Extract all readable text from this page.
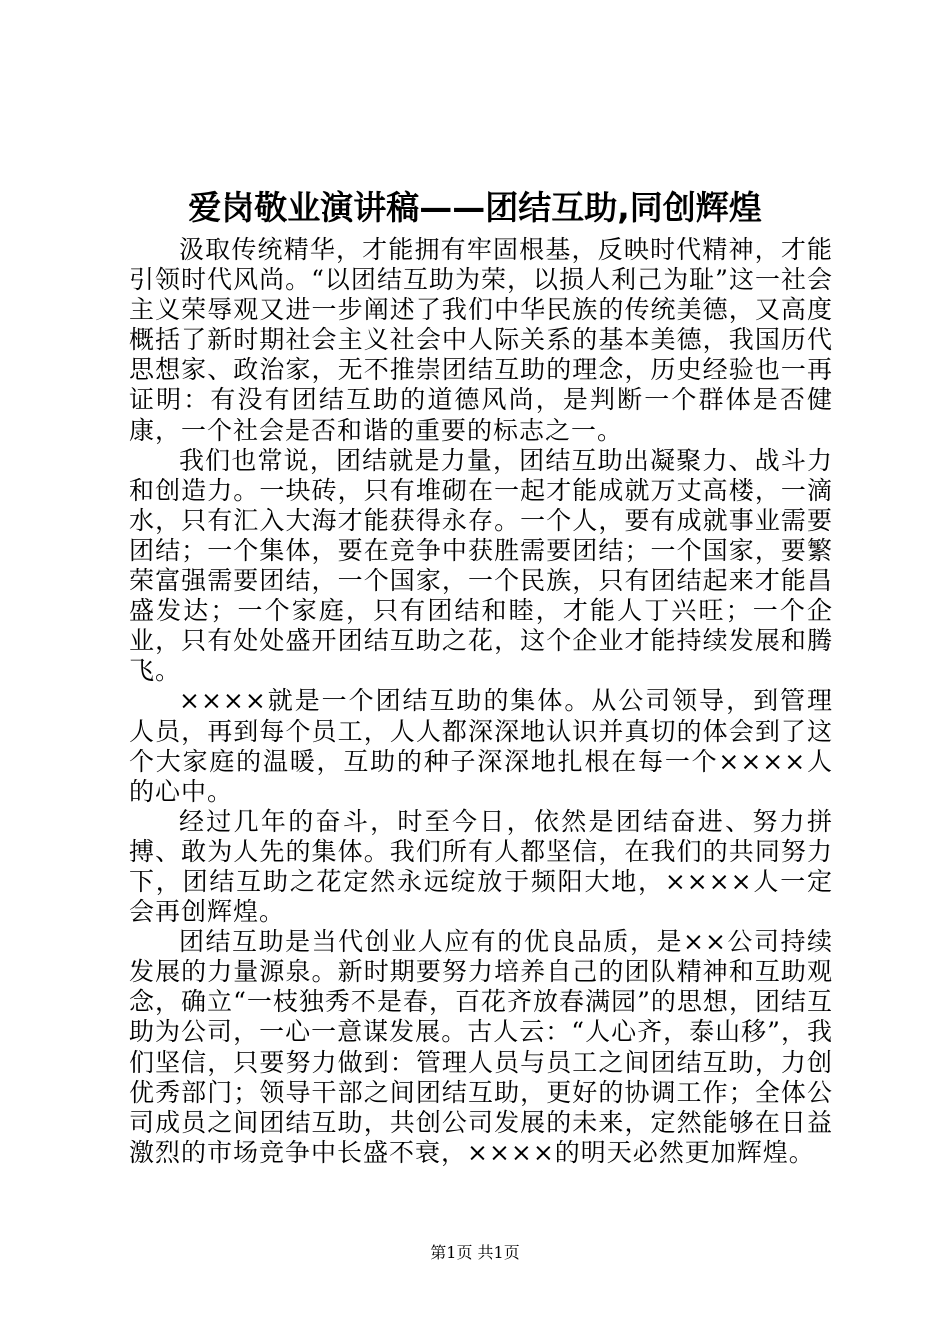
爱岗敬业演讲稿——团结互助,同创辉煌

汲取传统精华，才能拥有牢固根基，反映时代精神，才能引领时代风尚。“以团结互助为荣，以损人利己为耻”这一社会主义荣辱观又进一步阐述了我们中华民族的传统美德，又高度概括了新时期社会主义社会中人际关系的基本美德，我国历代思想家、政治家，无不推崇团结互助的理念，历史经验也一再证明：有没有团结互助的道德风尚，是判断一个群体是否健康，一个社会是否和谐的重要的标志之一。

我们也常说，团结就是力量，团结互助出凝聚力、战斗力和创造力。一块砖，只有堆砌在一起才能成就万丈高楼，一滴水，只有汇入大海才能获得永存。一个人，要有成就事业需要团结；一个集体，要在竞争中获胜需要团结；一个国家，要繁荣富强需要团结，一个国家，一个民族，只有团结起来才能昌盛发达；一个家庭，只有团结和睦，才能人丁兴旺；一个企业，只有处处盛开团结互助之花，这个企业才能持续发展和腾飞。

××××就是一个团结互助的集体。从公司领导，到管理人员，再到每个员工，人人都深深地认识并真切的体会到了这个大家庭的温暖，互助的种子深深地扎根在每一个××××人的心中。

经过几年的奋斗，时至今日，依然是团结奋进、努力拼搏、敢为人先的集体。我们所有人都坚信，在我们的共同努力下，团结互助之花定然永远绽放于频阳大地，××××人一定会再创辉煌。

团结互助是当代创业人应有的优良品质，是××公司持续发展的力量源泉。新时期要努力培养自己的团队精神和互助观念，确立“一枝独秀不是春，百花齐放春满园”的思想，团结互助为公司，一心一意谋发展。古人云：“人心齐，泰山移”，我们坚信，只要努力做到：管理人员与员工之间团结互助，力创优秀部门；领导干部之间团结互助，更好的协调工作；全体公司成员之间团结互助，共创公司发展的未来，定然能够在日益激烈的市场竞争中长盛不衰，××××的明天必然更加辉煌。

第1页 共1页
